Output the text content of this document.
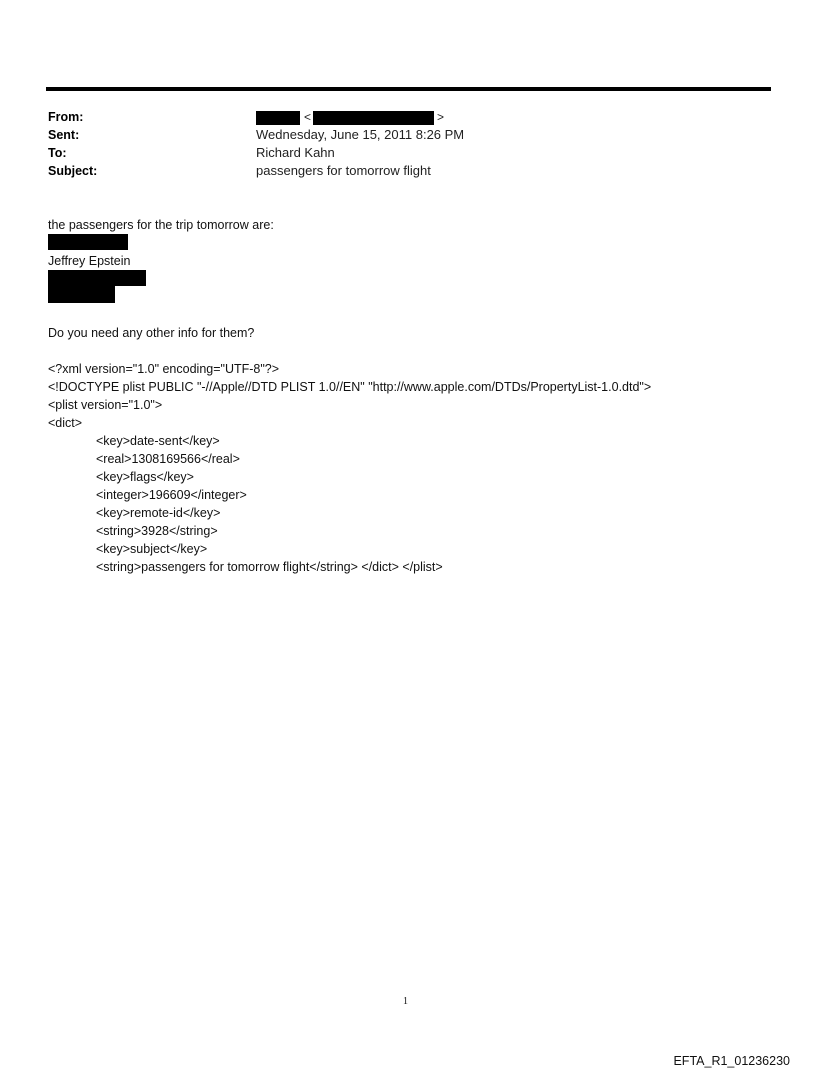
From:	<	>
Sent:	Wednesday, June 15, 2011 8:26 PM
To:	Richard Kahn
Subject:	passengers for tomorrow flight
the passengers for the trip tomorrow are:
Jeffrey Epstein
Do you need any other info for them?
<?xml version="1.0" encoding="UTF-8"?>
<!DOCTYPE plist PUBLIC "-//Apple//DTD PLIST 1.0//EN" "http://www.apple.com/DTDs/PropertyList-1.0.dtd">
<plist version="1.0">
<dict>
<key>date-sent</key>
<real>1308169566</real>
<key>flags</key>
<integer>196609</integer>
<key>remote-id</key>
<string>3928</string>
<key>subject</key>
<string>passengers for tomorrow flight</string> </dict> </plist>
1
EFTA_R1_01236230
